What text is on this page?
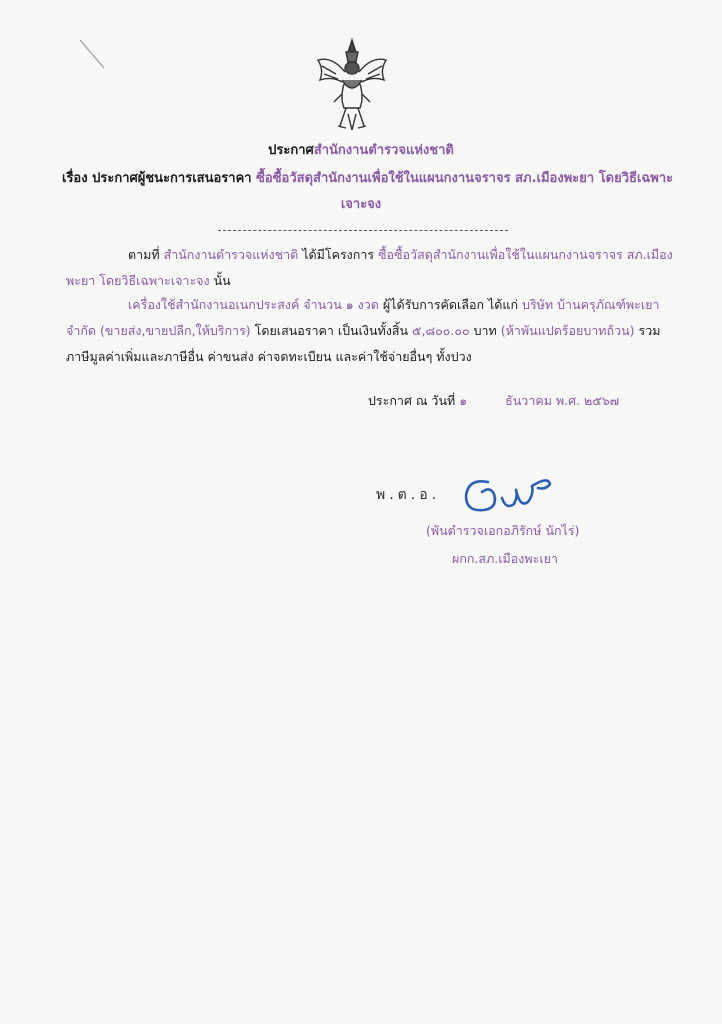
ประกาศสำนักงานตำรวจแห่งชาติ
เรื่อง ประกาศผู้ชนะการเสนอราคา ซื้อซื้อวัสดุสำนักงานเพื่อใช้ในแผนกงานจราจร สภ.เมืองพะยา โดยวิธีเฉพาะ
เจาะจง
ตามที่ สำนักงานตำรวจแห่งชาติ ได้มีโครงการ ซื้อซื้อวัสดุสำนักงานเพื่อใช้ในแผนกงานจราจร สภ.เมือง
พะยา โดยวิธีเฉพาะเจาะจง นั้น
เครื่องใช้สำนักงานอเนกประสงค์ จำนวน ๑ งวด ผู้ได้รับการคัดเลือก ได้แก่ บริษัท บ้านครุภัณฑ์พะเยา
จำกัด (ขายส่ง,ขายปลีก,ให้บริการ) โดยเสนอราคา เป็นเงินทั้งสิ้น ๕,๘๐๐.๐๐ บาท (ห้าพันแปดร้อยบาทถ้วน) รวม
ภาษีมูลค่าเพิ่มและภาษีอื่น ค่าขนส่ง ค่าจดทะเบียน และค่าใช้จ่ายอื่นๆ ทั้งปวง
ประกาศ ณ วันที่ ๑	ธันวาคม พ.ศ. ๒๕๖๗
พ.ต.อ.
(พันตำรวจเอกอภิรักษ์ นักไร่)
ผกก.สภ.เมืองพะเยา
